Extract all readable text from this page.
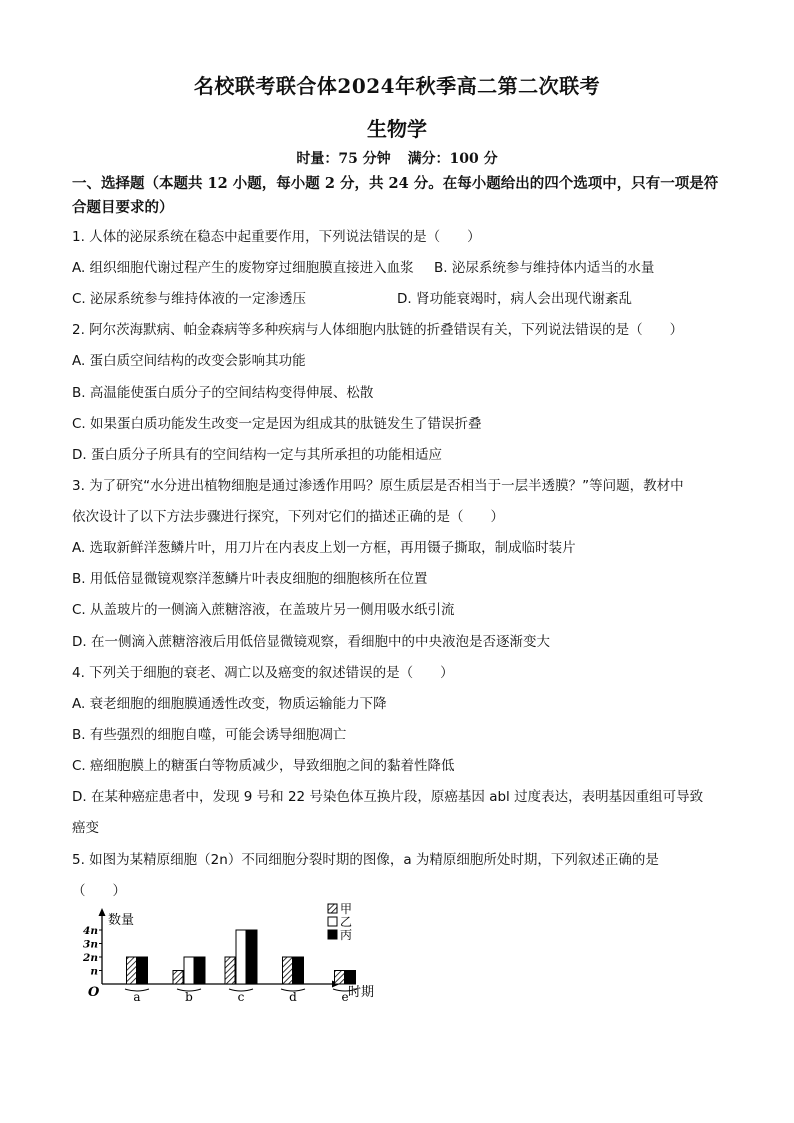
名校联考联合体2024年秋季高二第二次联考
生物学
时量：75 分钟 满分：100 分
一、选择题（本题共 12 小题，每小题 2 分，共 24 分。在每小题给出的四个选项中，只有一项是符合题目要求的）
1. 人体的泌尿系统在稳态中起重要作用，下列说法错误的是（　　）
A. 组织细胞代谢过程产生的废物穿过细胞膜直接进入血浆 B. 泌尿系统参与维持体内适当的水量
C. 泌尿系统参与维持体液的一定渗透压	D. 肾功能衰竭时，病人会出现代谢紊乱
2. 阿尔茨海默病、帕金森病等多种疾病与人体细胞内肽链的折叠错误有关，下列说法错误的是（　　）
A. 蛋白质空间结构的改变会影响其功能
B. 高温能使蛋白质分子的空间结构变得伸展、松散
C. 如果蛋白质功能发生改变一定是因为组成其的肽链发生了错误折叠
D. 蛋白质分子所具有的空间结构一定与其所承担的功能相适应
3. 为了研究“水分进出植物细胞是通过渗透作用吗？原生质层是否相当于一层半透膜？”等问题，教材中
依次设计了以下方法步骤进行探究，下列对它们的描述正确的是（　　）
A. 选取新鲜洋葱鳞片叶，用刀片在内表皮上划一方框，再用镊子撕取，制成临时装片
B. 用低倍显微镜观察洋葱鳞片叶表皮细胞的细胞核所在位置
C. 从盖玻片的一侧滴入蔗糖溶液，在盖玻片另一侧用吸水纸引流
D. 在一侧滴入蔗糖溶液后用低倍显微镜观察，看细胞中的中央液泡是否逐渐变大
4. 下列关于细胞的衰老、凋亡以及癌变的叙述错误的是（　　）
A. 衰老细胞的细胞膜通透性改变，物质运输能力下降
B. 有些强烈的细胞自噬，可能会诱导细胞凋亡
C. 癌细胞膜上的糖蛋白等物质减少，导致细胞之间的黏着性降低
D. 在某种癌症患者中，发现 9 号和 22 号染色体互换片段，原癌基因 abl 过度表达，表明基因重组可导致
癌变
5. 如图为某精原细胞（2n）不同细胞分裂时期的图像，a 为精原细胞所处时期，下列叙述正确的是
（　　）
数量
时期
O
n
2n
3n
4n
a	b	c	d	e
甲
乙
丙
